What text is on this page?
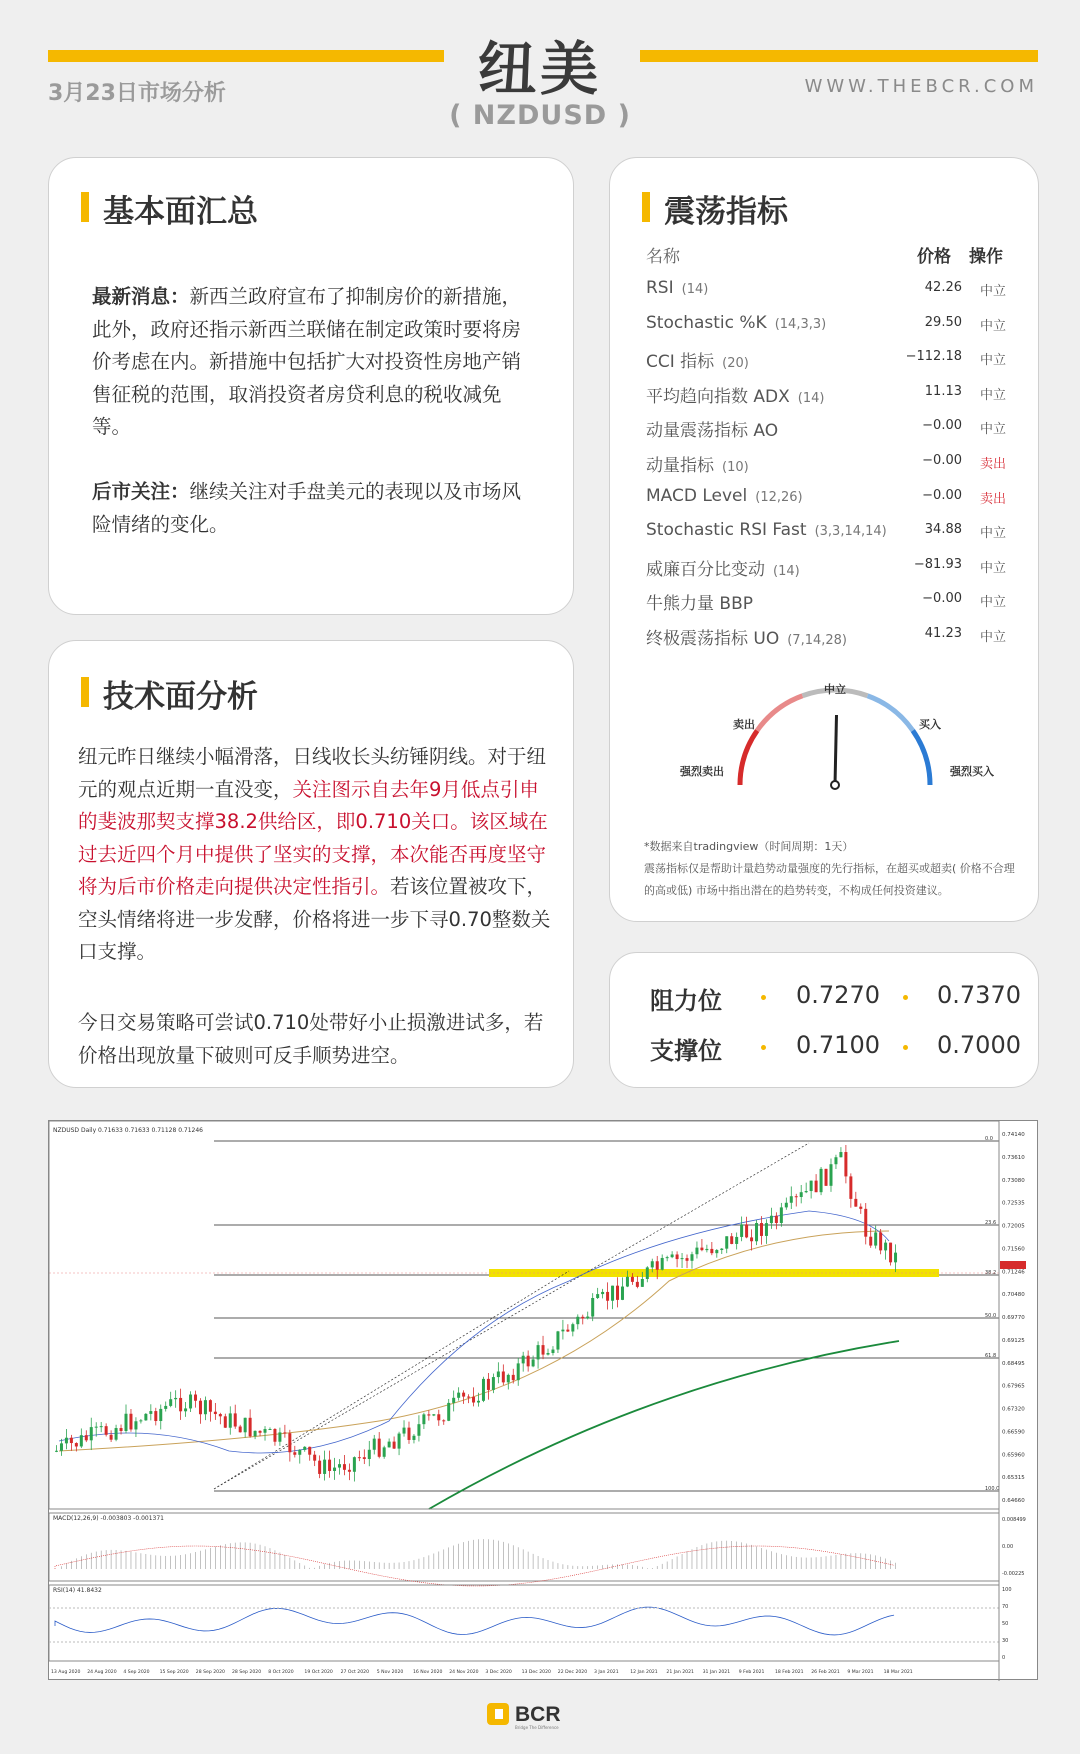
纽美
( NZDUSD )
3月23日市场分析	WWW.THEBCR.COM
基本面汇总

最新消息：新西兰政府宣布了抑制房价的新措施，此外，政府还指示新西兰联储在制定政策时要将房价考虑在内。新措施中包括扩大对投资性房地产销售征税的范围，取消投资者房贷利息的税收减免等。

后市关注：继续关注对手盘美元的表现以及市场风险情绪的变化。

技术面分析

纽元昨日继续小幅滑落，日线收长头纺锤阴线。对于纽元的观点近期一直没变，关注图示自去年9月低点引申的斐波那契支撑38.2供给区，即0.710关口。该区域在过去近四个月中提供了坚实的支撑，本次能否再度坚守将为后市价格走向提供决定性指引。若该位置被攻下，空头情绪将进一步发酵，价格将进一步下寻0.70整数关口支撑。

今日交易策略可尝试0.710处带好小止损激进试多，若价格出现放量下破则可反手顺势进空。

震荡指标
名称	价格 操作
RSI (14)	42.26 中立
Stochastic %K (14,3,3)	29.50 中立
CCI 指标 (20)	−112.18 中立
平均趋向指数 ADX (14)	11.13 中立
动量震荡指标 AO	−0.00 中立
动量指标 (10)	−0.00 卖出
MACD Level (12,26)	−0.00 卖出
Stochastic RSI Fast (3,3,14,14)	34.88 中立
威廉百分比变动 (14)	−81.93 中立
牛熊力量 BBP	−0.00 中立
终极震荡指标 UO (7,14,28)	41.23 中立
中立
卖出	买入
强烈卖出	强烈买入
*数据来自tradingview（时间周期：1天）
震荡指标仅是帮助计量趋势动量强度的先行指标，在超买或超卖( 价格不合理的高或低) 市场中指出潜在的趋势转变，不构成任何投资建议。
阻力位	0.7270 0.7370
支撑位	0.7100 0.7000
0.0
23.6
38.2
50.0
61.8
100.0
0.74140
0.73610
0.73080
0.72535
0.72005
0.71560
0.71246
0.70480
0.69770
0.69125
0.68495
0.67965
0.67320
0.66590
0.65960
0.65315
0.64660
0.008499
0.00
-0.00225
100
70
50
30
0
13 Aug 2020 24 Aug 2020 4 Sep 2020 15 Sep 2020 28 Sep 2020 28 Sep 2020 8 Oct 2020 19 Oct 2020 27 Oct 2020 5 Nov 2020 16 Nov 2020 24 Nov 2020 3 Dec 2020 13 Dec 2020 22 Dec 2020 3 Jan 2021	12 Jan 2021 21 Jan 2021 31 Jan 2021 9 Feb 2021 18 Feb 2021 26 Feb 2021 9 Mar 2021 18 Mar 2021
NZDUSD Daily 0.71633 0.71633 0.71128 0.71246
MACD(12,26,9) -0.003803 -0.001371
RSI(14) 41.8432
BCR
Bridge The Difference
